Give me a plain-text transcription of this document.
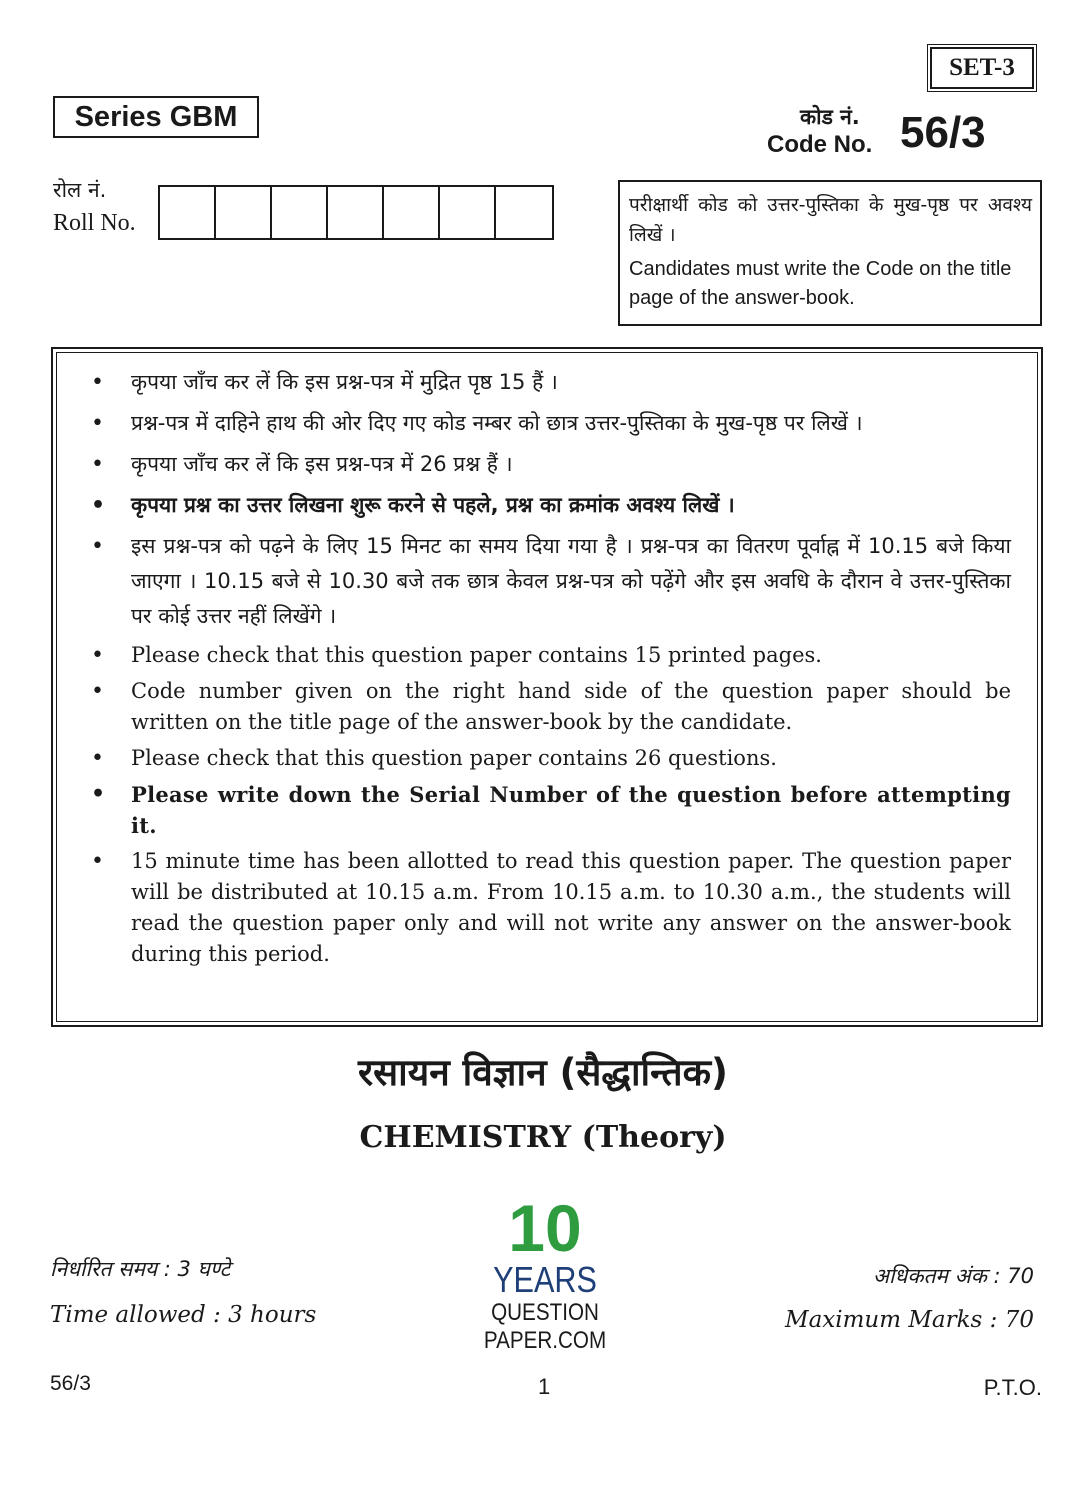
SET-3
Series GBM	कोड नं.
Code No. 56/3
रोल नं.
Roll No.
परीक्षार्थी कोड को उत्तर-पुस्तिका के मुख-पृष्ठ पर अवश्य लिखें ।
Candidates must write the Code on the title page of the answer-book.
• कृपया जाँच कर लें कि इस प्रश्न-पत्र में मुद्रित पृष्ठ 15 हैं ।
• प्रश्न-पत्र में दाहिने हाथ की ओर दिए गए कोड नम्बर को छात्र उत्तर-पुस्तिका के मुख-पृष्ठ पर लिखें ।
• कृपया जाँच कर लें कि इस प्रश्न-पत्र में 26 प्रश्न हैं ।
• कृपया प्रश्न का उत्तर लिखना शुरू करने से पहले, प्रश्न का क्रमांक अवश्य लिखें ।
• इस प्रश्न-पत्र को पढ़ने के लिए 15 मिनट का समय दिया गया है । प्रश्न-पत्र का वितरण पूर्वाह्न में 10.15 बजे किया जाएगा । 10.15 बजे से 10.30 बजे तक छात्र केवल प्रश्न-पत्र को पढ़ेंगे और इस अवधि के दौरान वे उत्तर-पुस्तिका पर कोई उत्तर नहीं लिखेंगे ।
• Please check that this question paper contains 15 printed pages.
• Code number given on the right hand side of the question paper should be written on the title page of the answer-book by the candidate.
• Please check that this question paper contains 26 questions.
• Please write down the Serial Number of the question before attempting it.
• 15 minute time has been allotted to read this question paper. The question paper will be distributed at 10.15 a.m. From 10.15 a.m. to 10.30 a.m., the students will read the question paper only and will not write any answer on the answer-book during this period.
रसायन विज्ञान (सैद्धान्तिक)
CHEMISTRY (Theory)
10
YEARS
QUESTION PAPER.COM
निर्धारित समय : 3 घण्टे
Time allowed : 3 hours
अधिकतम अंक : 70
Maximum Marks : 70
56/3	1	P.T.O.
